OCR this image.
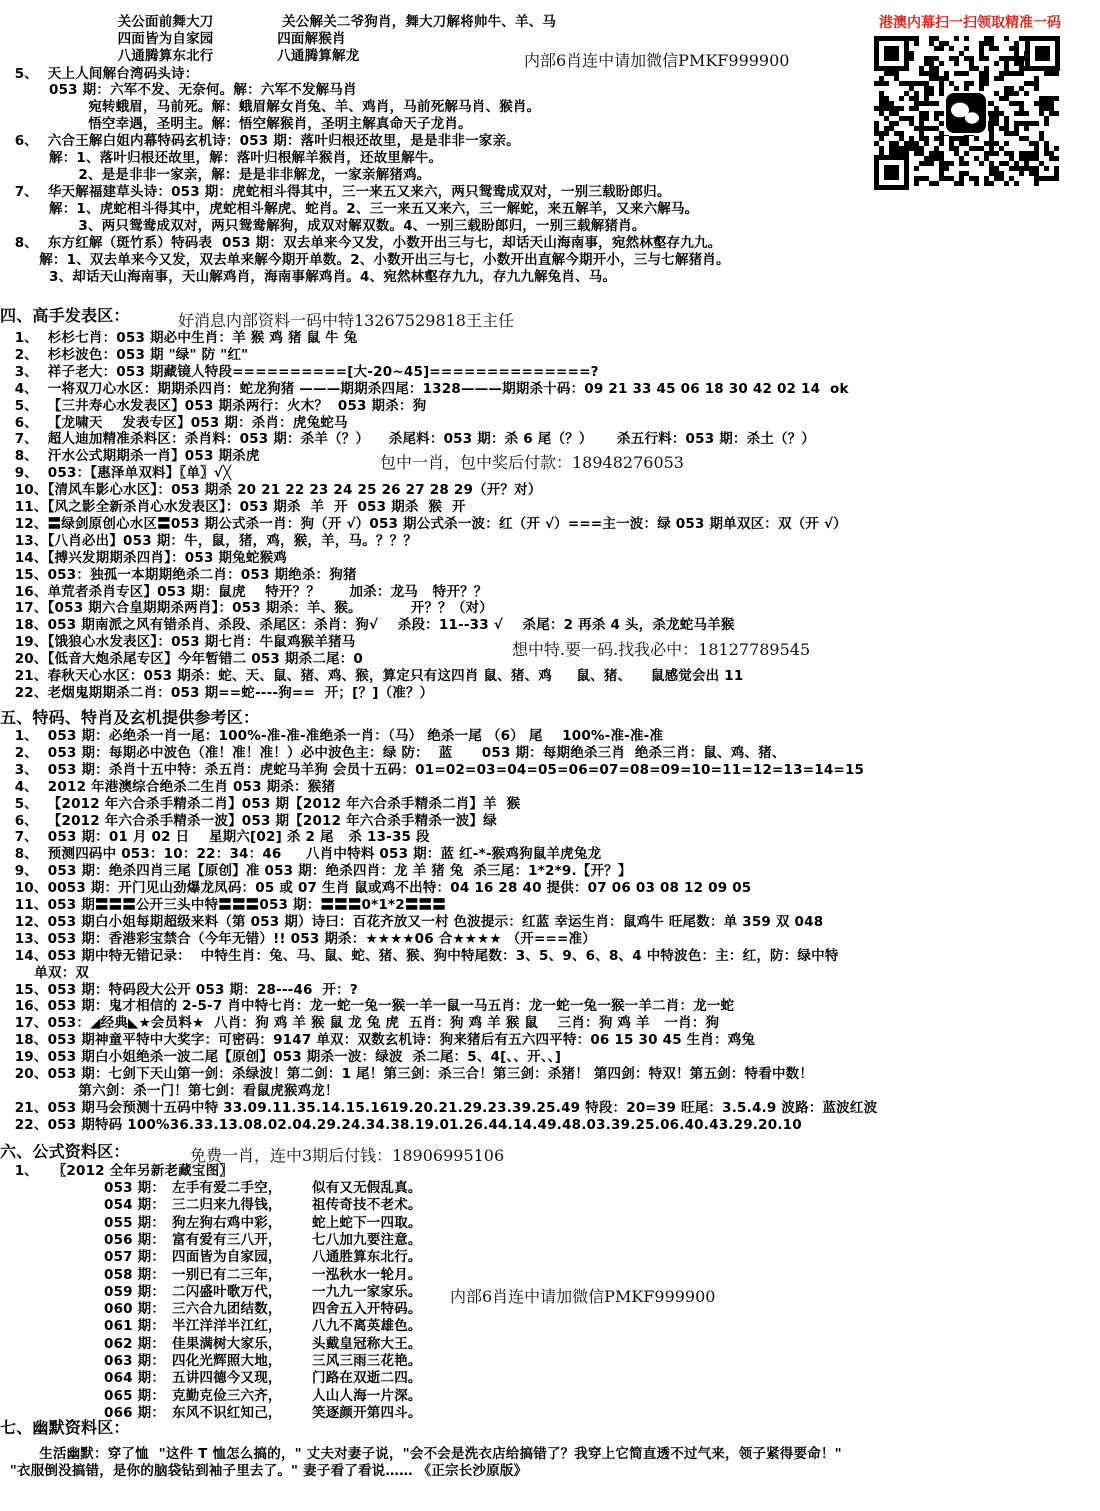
港澳内幕扫一扫领取精准一码
关公面前舞大刀              关公解关二爷狗肖，舞大刀解将帅牛、羊、马
四面皆为自家园             四面解猴肖
八通腾算东北行             八通腾算解龙
5、  天上人间解台湾码头诗：
053 期：六军不发、无奈何。解：六军不发解马肖
宛转蛾眉，马前死。解：蛾眉解女肖兔、羊、鸡肖，马前死解马肖、猴肖。
悟空幸遇，圣明主。解：悟空解猴肖，圣明主解真命天子龙肖。
6、  六合王解白姐内幕特码玄机诗：053 期：落叶归根还故里，是是非非一家亲。
解：1、落叶归根还故里，解：落叶归根解羊猴肖，还故里解牛。
2、是是非非一家亲，解：是是非非解龙，一家亲解猪鸡。
7、  华天解福建草头诗：053 期：虎蛇相斗得其中，三一来五又来六，两只鸳鸯成双对，一别三载盼郎归。
解：1、虎蛇相斗得其中，虎蛇相斗解虎、蛇肖。2、三一来五又来六，三一解蛇，来五解羊，又来六解马。
3、两只鸳鸯成双对，两只鸳鸯解狗，成双对解双数。4、一别三载盼郎归，一别三载解猪肖。
8、  东方红解（斑竹系）特码表  053 期：双去单来今又发，小数开出三与七，却话天山海南事，宛然林壑存九九。
解：1、双去单来今又发，双去单来解今期开单数。2、小数开出三与七，小数开出直解今期开小，三与七解猪肖。
3、却话天山海南事，天山解鸡肖，海南事解鸡肖。4、宛然林壑存九九，存九九解兔肖、马。
四、高手发表区：
1、  杉杉七肖：053 期必中生肖：羊 猴 鸡 猪 鼠 牛 兔
2、  杉杉波色：053 期 "绿" 防 "红"
3、  祥子老大：053 期藏镜人特段==========[大-20~45]==============?
4、  一将双刀心水区：期期杀四肖：蛇龙狗猪 ———期期杀四尾：1328———期期杀十码：09 21 33 45 06 18 30 42 02 14  ok
5、  【三井寿心水发表区】053 期杀两行：火木？  053 期杀：狗
6、  【龙啸天    发表专区】053 期：杀肖：虎兔蛇马
7、  超人迪加精准杀料区：杀肖料：053 期：杀羊（？）    杀尾料：053 期：杀 6 尾（？）     杀五行料：053 期：杀土（？）
8、  汗水公式期期杀一肖】053 期杀虎
9、  053：【惠泽单双料】〖单〗√╳
10、【清风车影心水区】：053 期杀 20 21 22 23 24 25 26 27 28 29（开？对）
11、【风之影全新杀肖心水发表区】：053 期杀  羊  开  053 期杀  猴  开
12、〓绿剑原创心水区〓053 期公式杀一肖：狗（开 √）053 期公式杀一波：红（开 √）===主一波：绿 053 期单双区：双（开 √）
13、【八肖必出】053 期：牛，鼠，猪，鸡，猴，羊，马。？？？
14、【搏兴发期期杀四肖】：053 期兔蛇猴鸡
15、053：独孤一本期期绝杀二肖：053 期绝杀：狗猪
16、单荒者杀肖专区】053 期：鼠虎    特开？？      加杀：龙马   特开？？
17、【053 期六合皇期期杀两肖】：053 期杀：羊、猴。          开？？（对）
18、053 期南派之风有错杀肖、杀段、杀尾区：杀肖：狗√    杀段：11--33 √    杀尾：2 再杀 4 头，杀龙蛇马羊猴
19、【饿狼心水发表区】：053 期七肖：牛鼠鸡猴羊猪马
20、【低音大炮杀尾专区】今年暂错二 053 期杀二尾：0
21、春秋天心水区：053 期杀：蛇、天、鼠、猪、鸡、猴，算定只有这四肖 鼠、猪、鸡     鼠、猪、    鼠感觉会出 11
22、老烟鬼期期杀二肖：053 期==蛇----狗==  开；[？]（准？）
五、特码、特肖及玄机提供参考区：
1、  053 期：必绝杀一肖一尾：100%-准-准-准绝杀一肖：（马） 绝杀一尾 （6） 尾    100%-准-准-准
2、  053 期：每期必中波色（准！准！准！）必中波色主：绿 防：  蓝      053 期：每期绝杀三肖  绝杀三肖：鼠、鸡、猪、
3、  053 期：杀肖十五中特：杀五肖：虎蛇马羊狗 会员十五码：01=02=03=04=05=06=07=08=09=10=11=12=13=14=15
4、  2012 年港澳综合绝杀二生肖 053 期杀：猴猪
5、  【2012 年六合杀手精杀二肖】053 期【2012 年六合杀手精杀二肖】羊  猴
6、  【2012 年六合杀手精杀一波】053 期【2012 年六合杀手精杀一波】绿
7、  053 期：01 月 02 日    星期六[02] 杀 2 尾   杀 13-35 段
8、  预测四码中 053：10：22：34：46     八肖中特料 053 期：蓝 红-*-猴鸡狗鼠羊虎兔龙
9、  053 期：绝杀四肖三尾【原创】准 053 期：绝杀四肖：龙 羊 猪 兔  杀三尾：1*2*9.【开？】
10、0053 期：开门见山劲爆龙凤码：05 或 07 生肖 鼠或鸡不出特：04 16 28 40 提供：07 06 03 08 12 09 05
11、053 期〓〓〓公开三头中特〓〓〓053 期：〓〓〓0*1*2〓〓〓
12、053 期白小姐每期超级来料（第 053 期）诗曰：百花齐放又一村 色波提示：红蓝 幸运生肖：鼠鸡牛 旺尾数：单 359 双 048
13、053 期：香港彩宝禁合（今年无错）!! 053 期杀：★★★★06 合★★★★ （开===准）
14、053 期中特无错记录：  中特生肖：兔、马、鼠、蛇、猪、猴、狗中特尾数：3、5、9、6、8、4 中特波色：主：红，防：绿中特
单双：双
15、053 期：特码段大公开 053 期：28---46  开：?
16、053 期：鬼才相信的 2-5-7 肖中特七肖：龙一蛇一兔一猴一羊一鼠一马五肖：龙一蛇一兔一猴一羊二肖：龙一蛇
17、053：◢经典◣★会员料★  八肖：狗 鸡 羊 猴 鼠 龙 兔 虎  五肖：狗 鸡 羊 猴 鼠    三肖：狗 鸡 羊   一肖：狗
18、053 期神童平特中大奖字：可密码：9147 单双：双数玄机诗：狗来猪后有五六四平特：06 15 30 45 生肖：鸡兔
19、053 期白小姐绝杀一波二尾【原创】053 期杀一波：绿波  杀二尾：5、4[、、开、、]
20、053 期：七剑下天山第一剑：杀绿波！第二剑：1 尾！第三剑：杀三合！第三剑：杀猪！ 第四剑：特双！第五剑：特看中数！
第六剑：杀一门！第七剑：看鼠虎猴鸡龙！
21、053 期马会预测十五码中特 33.09.11.35.14.15.1619.20.21.29.23.39.25.49 特段：20=39 旺尾：3.5.4.9 波路：蓝波红波
22、053 期特码 100%36.33.13.08.02.04.29.24.34.38.19.01.26.44.14.49.48.03.39.25.06.40.43.29.20.10
六、公式资料区：
1、   〖2012 全年另新老藏宝图〗
053 期： 左手有爱二手空， 似有又无假乱真。
054 期： 三二归来九得钱， 祖传奇技不老术。
055 期： 狗左狗右鸡中彩， 蛇上蛇下一四取。
056 期： 富有爱有三八开， 七八加九要注意。
057 期： 四面皆为自家园， 八通胜算东北行。
058 期： 一别已有二三年， 一泓秋水一轮月。
059 期： 二闪盛叶歌万代， 一九九一家家乐。
060 期： 三六合九团结数， 四舍五入开特码。
061 期： 半江洋洋半江红， 八九不离英雄色。
062 期： 佳果满树大家乐， 头戴皇冠称大王。
063 期： 四化光辉照大地， 三风三雨三花艳。
064 期： 五讲四德今又现， 门路在双逝二四。
065 期： 克勤克俭三六齐， 人山人海一片深。
066 期： 东风不识红知己， 笑逐颜开第四斗。
七、幽默资料区：
生活幽默：穿了恤  "这件 T 恤怎么搞的，" 丈夫对妻子说，"会不会是洗衣店给搞错了？我穿上它简直透不过气来，领子紧得要命！"
"衣服倒没搞错，是你的脑袋钻到袖子里去了。" 妻子看了看说…… 《正宗长沙原版》
内部6肖连中请加微信PMKF999900
好消息内部资料一码中特13267529818王主任
包中一肖，包中奖后付款：18948276053
想中特.要一码.找我必中：18127789545
免费一肖，连中3期后付钱：18906995106
内部6肖连中请加微信PMKF999900
